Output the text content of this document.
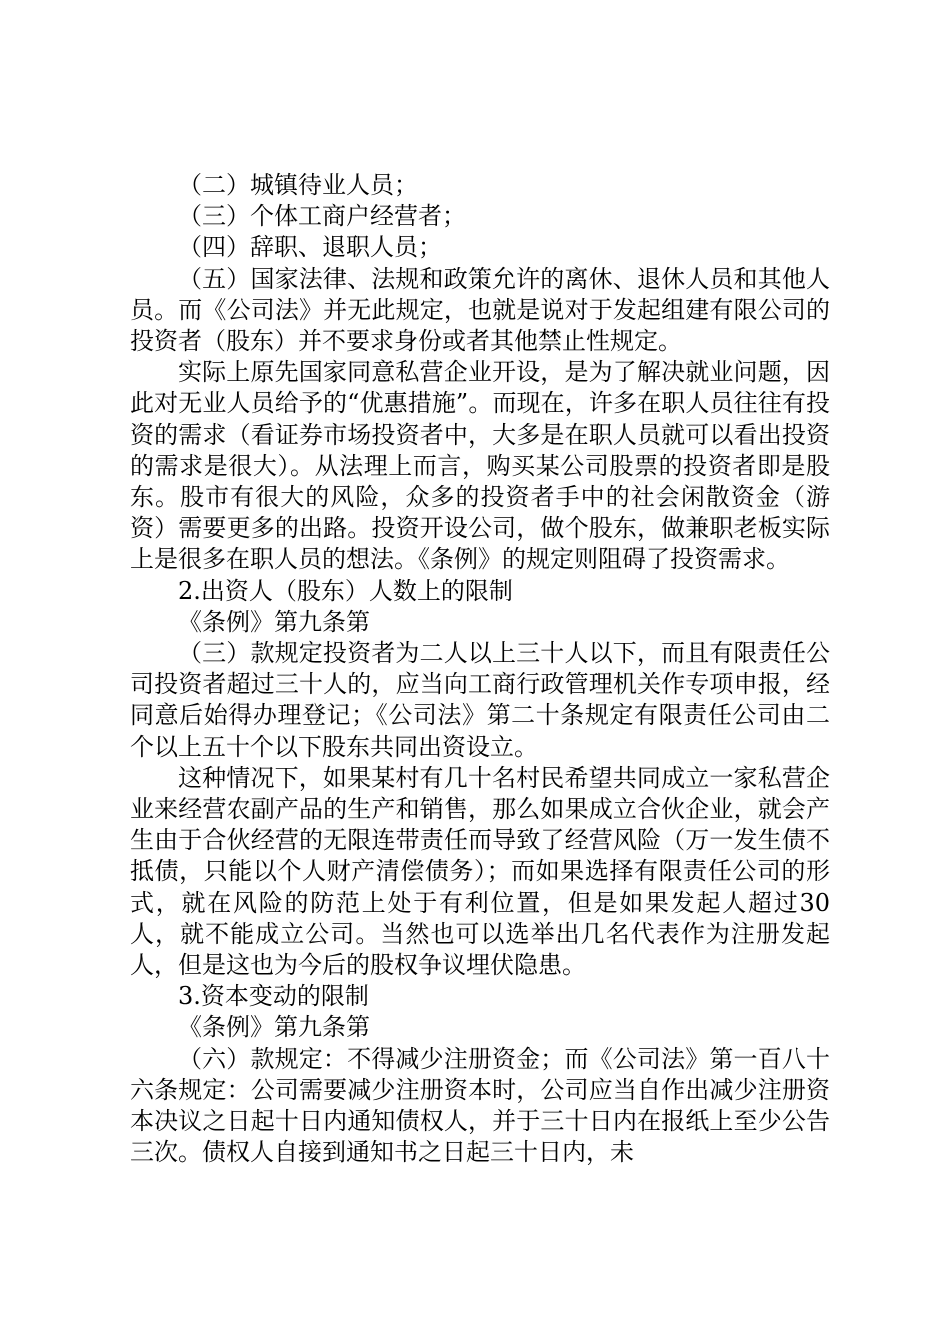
（二）城镇待业人员；

（三）个体工商户经营者；

（四）辞职、退职人员；

（五）国家法律、法规和政策允许的离休、退休人员和其他人员。而《公司法》并无此规定，也就是说对于发起组建有限公司的投资者（股东）并不要求身份或者其他禁止性规定。

实际上原先国家同意私营企业开设，是为了解决就业问题，因此对无业人员给予的“优惠措施”。而现在，许多在职人员往往有投资的需求（看证券市场投资者中，大多是在职人员就可以看出投资的需求是很大）。从法理上而言，购买某公司股票的投资者即是股东。股市有很大的风险，众多的投资者手中的社会闲散资金（游资）需要更多的出路。投资开设公司，做个股东，做兼职老板实际上是很多在职人员的想法。《条例》的规定则阻碍了投资需求。

2.出资人（股东）人数上的限制

《条例》第九条第

（三）款规定投资者为二人以上三十人以下，而且有限责任公司投资者超过三十人的，应当向工商行政管理机关作专项申报，经同意后始得办理登记；《公司法》第二十条规定有限责任公司由二个以上五十个以下股东共同出资设立。

这种情况下，如果某村有几十名村民希望共同成立一家私营企业来经营农副产品的生产和销售，那么如果成立合伙企业，就会产生由于合伙经营的无限连带责任而导致了经营风险（万一发生债不抵债，只能以个人财产清偿债务）；而如果选择有限责任公司的形式，就在风险的防范上处于有利位置，但是如果发起人超过30人，就不能成立公司。当然也可以选举出几名代表作为注册发起人，但是这也为今后的股权争议埋伏隐患。

3.资本变动的限制

《条例》第九条第

（六）款规定：不得减少注册资金；而《公司法》第一百八十六条规定：公司需要减少注册资本时，公司应当自作出减少注册资本决议之日起十日内通知债权人，并于三十日内在报纸上至少公告三次。债权人自接到通知书之日起三十日内，未
